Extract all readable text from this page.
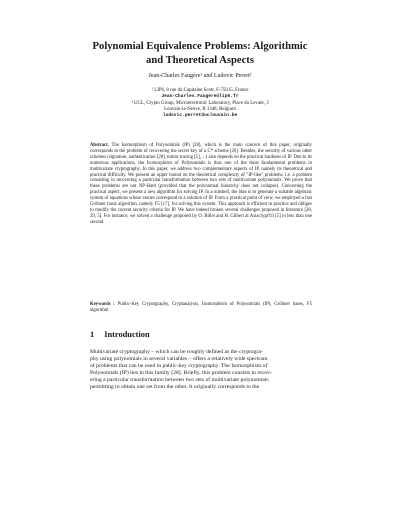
Polynomial Equivalence Problems: Algorithmic
and Theoretical Aspects
Jean-Charles Faugère¹ and Ludovic Perret²
¹ LIP6, 8 rue du Capitaine Scott, F-75015, France
Jean-Charles.Faugere@lip6.fr
² UCL, Crypto Group, Microelectronic Laboratory, Place du Levant, 3
Louvain-la-Neuve, B 1348, Belgium
ludovic.perret@uclouvain.be
Abstract. The Isomorphism of Polynomials (IP) [28], which is the main concern of this paper, originally corresponds to the problem of recovering the secret key of a C* scheme [26]. Besides, the security of various other schemes (signature, authentication [28], traitor tracing [5], ...) also depends on the practical hardness of IP. Due to its numerous applications, the Isomorphism of Polynomials is thus one of the most fundamental problems in multivariate cryptography. In this paper, we address two complementary aspects of IP, namely its theoretical and practical difficulty. We present an upper bound on the theoretical complexity of "IP-like" problems, i.e. a problem consisting in recovering a particular transformation between two sets of multivariate polynomials. We prove that these problems are not NP-Hard (provided that the polynomial hierarchy does not collapse). Concerning the practical aspect, we present a new algorithm for solving IP. In a nutshell, the idea is to generate a suitable algebraic system of equations whose zeroes correspond to a solution of IP. From a practical point of view, we employed a fast Gröbner basis algorithm, namely F5 [17], for solving this system. This approach is efficient in practice and obliges to modify the current security criteria for IP. We have indeed broken several challenges proposed in literature [28, 29, 5]. For instance, we solved a challenge proposed by O. Billet and H. Gilbert at Asiacrypt'03 [5] in less than one second.
Keywords : Public-Key Cryptography, Cryptanalysis, Isomorphism of Polynomials (IP), Gröbner bases, F5 algorithm
1 Introduction
Multivariate cryptography – which can be roughly defined as the cryptogra-
phy using polynomials in several variables – offers a relatively wide spectrum
of problems that can be used in public-key cryptography. The Isomorphism of
Polynomials (IP) lies in this family [28]. Briefly, this problem consists in recov-
ering a particular transformation between two sets of multivariate polynomials
permitting to obtain one set from the other. It originally corresponds to the
